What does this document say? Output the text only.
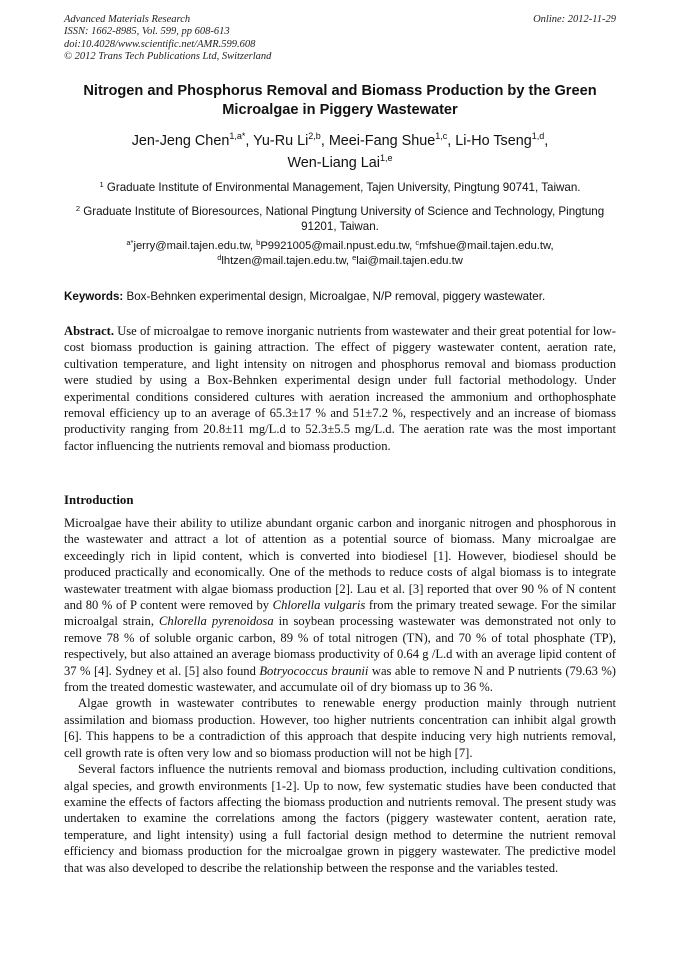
Advanced Materials Research
ISSN: 1662-8985, Vol. 599, pp 608-613
doi:10.4028/www.scientific.net/AMR.599.608
© 2012 Trans Tech Publications Ltd, Switzerland
Online: 2012-11-29
Nitrogen and Phosphorus Removal and Biomass Production by the Green Microalgae in Piggery Wastewater
Jen-Jeng Chen$^{1,a*}$, Yu-Ru Li$^{2,b}$, Meei-Fang Shue$^{1,c}$, Li-Ho Tseng$^{1,d}$,
Wen-Liang Lai$^{1,e}$
$^1$ Graduate Institute of Environmental Management, Tajen University, Pingtung 90741, Taiwan.
$^2$ Graduate Institute of Bioresources, National Pingtung University of Science and Technology, Pingtung 91201, Taiwan.
$^{a*}$jerry@mail.tajen.edu.tw, $^b$P9921005@mail.npust.edu.tw, $^c$mfshue@mail.tajen.edu.tw,
$^d$lhtzen@mail.tajen.edu.tw, $^e$lai@mail.tajen.edu.tw
Keywords: Box-Behnken experimental design, Microalgae, N/P removal, piggery wastewater.

Abstract. Use of microalgae to remove inorganic nutrients from wastewater and their great potential for low-cost biomass production is gaining attraction. The effect of piggery wastewater content, aeration rate, cultivation temperature, and light intensity on nitrogen and phosphorus removal and biomass production were studied by using a Box-Behnken experimental design under full factorial methodology. Under experimental conditions considered cultures with aeration increased the ammonium and orthophosphate removal efficiency up to an average of 65.3±17 % and 51±7.2 %, respectively and an increase of biomass productivity ranging from 20.8±11 mg/L.d to 52.3±5.5 mg/L.d. The aeration rate was the most important factor influencing the nutrients removal and biomass production.

Introduction

Microalgae have their ability to utilize abundant organic carbon and inorganic nitrogen and phosphorous in the wastewater and attract a lot of attention as a potential source of biomass. Many microalgae are exceedingly rich in lipid content, which is converted into biodiesel [1]. However, biodiesel should be produced practically and economically. One of the methods to reduce costs of algal biomass is to integrate wastewater treatment with algae biomass production [2]. Lau et al. [3] reported that over 90 % of N content and 80 % of P content were removed by Chlorella vulgaris from the primary treated sewage. For the similar microalgal strain, Chlorella pyrenoidosa in soybean processing wastewater was demonstrated not only to remove 78 % of soluble organic carbon, 89 % of total nitrogen (TN), and 70 % of total phosphate (TP), respectively, but also attained an average biomass productivity of 0.64 g /L.d with an average lipid content of 37 % [4]. Sydney et al. [5] also found Botryococcus braunii was able to remove N and P nutrients (79.63 %) from the treated domestic wastewater, and accumulate oil of dry biomass up to 36 %.

Algae growth in wastewater contributes to renewable energy production mainly through nutrient assimilation and biomass production. However, too higher nutrients concentration can inhibit algal growth [6]. This happens to be a contradiction of this approach that despite inducing very high nutrients removal, cell growth rate is often very low and so biomass production will not be high [7].

Several factors influence the nutrients removal and biomass production, including cultivation conditions, algal species, and growth environments [1-2]. Up to now, few systematic studies have been conducted that examine the effects of factors affecting the biomass production and nutrients removal. The present study was undertaken to examine the correlations among the factors (piggery wastewater content, aeration rate, temperature, and light intensity) using a full factorial design method to determine the nutrient removal efficiency and biomass production for the microalgae grown in piggery wastewater. The predictive model that was also developed to describe the relationship between the response and the variables tested.
